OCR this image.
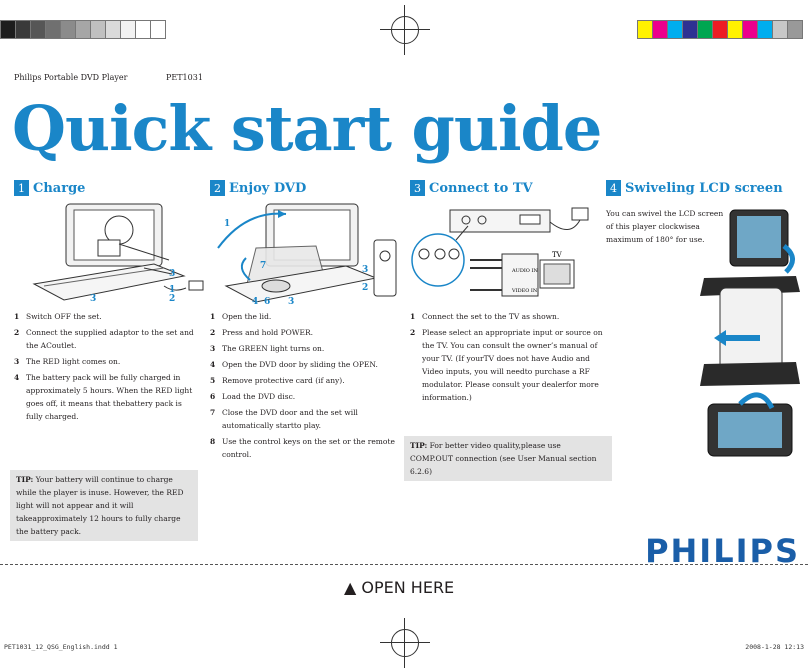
Philips Portable DVD Player	PET1031
Quick start guide
1 Charge	2 Enjoy DVD	3 Connect to TV	4 Swiveling LCD screen
3
1
2
3
1
7	3
2
4 6 3
AUDIO IN
VIDEO IN
TV
1 Switch OFF the set.
2 Connect the supplied adaptor to the set and the ACoutlet.
3 The RED light comes on.
4 The battery pack will be fully charged in approximately 5 hours. When the RED light goes off, it means that thebattery pack is fully charged.
TIP: Your battery will continue to charge while the player is inuse. However, the RED light will not appear and it will takeapproximately 12 hours to fully charge the battery pack.
1 Open the lid.
2 Press and hold POWER.
3 The GREEN light turns on.
4 Open the DVD door by sliding the OPEN.
5 Remove protective card (if any).
6 Load the DVD disc.
7 Close the DVD door and the set will automatically startto play.
8 Use the control keys on the set or the remote control.
1 Connect the set to the TV as shown.
2 Please select an appropriate input or source on the TV. You can consult the owner’s manual of your TV. (If yourTV does not have Audio and Video inputs, you will needto purchase a RF modulator. Please consult your dealerfor more information.)
TIP: For better video quality,please use COMP.OUT connection (see User Manual section 6.2.6)
You can swivel the LCD screen of this player clockwisea maximum of 180° for use.
PHILIPS
▲ OPEN HERE
PET1031_12_QSG_English.indd 1	2008-1-28 12:13
